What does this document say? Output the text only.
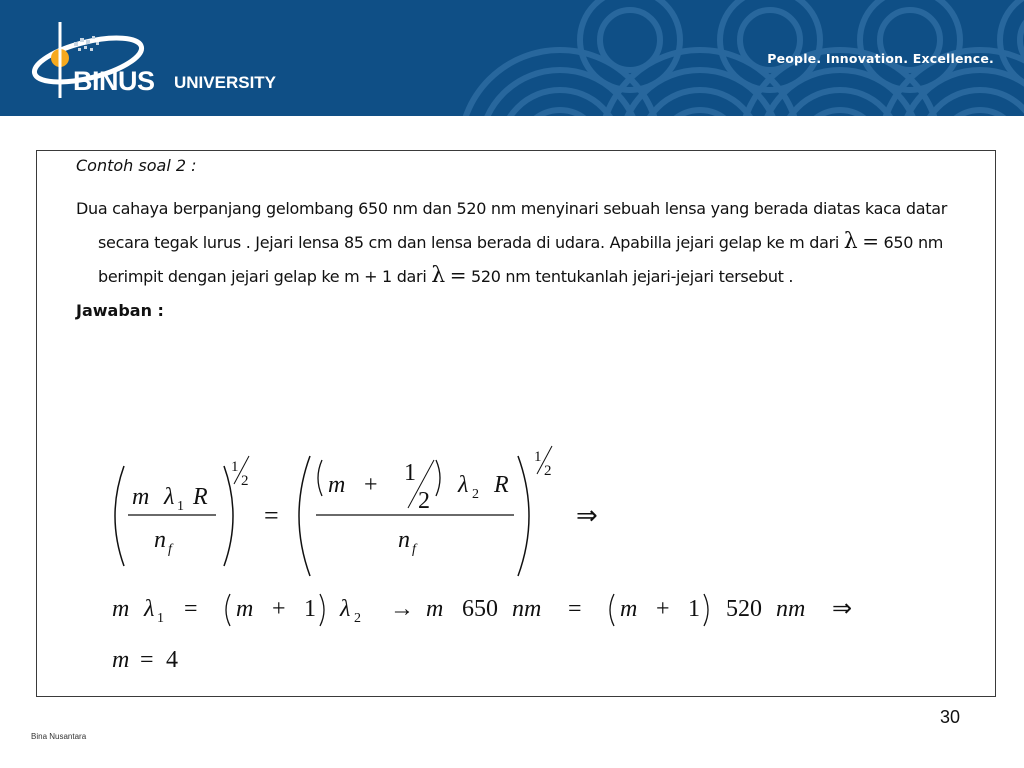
BINUS UNIVERSITY
People. Innovation. Excellence.

Contoh soal 2 :

Dua cahaya berpanjang gelombang 650 nm dan 520 nm menyinari sebuah lensa yang berada diatas kaca datar secara tegak lurus . Jejari lensa 85 cm dan lensa berada di udara. Apabilla jejari gelap ke m dari λ = 650 nm berimpit dengan jejari gelap ke m + 1 dari λ = 520 nm tentukanlah jejari-jejari tersebut .

Jawaban :

m λ 1 R
n f
1
2
=
m + 1
2
λ 2 R
n f
1
2
⇒
m λ 1 = m + 1 λ 2 → m 650 nm = m + 1 520 nm ⇒
m = 4
30
Bina Nusantara
